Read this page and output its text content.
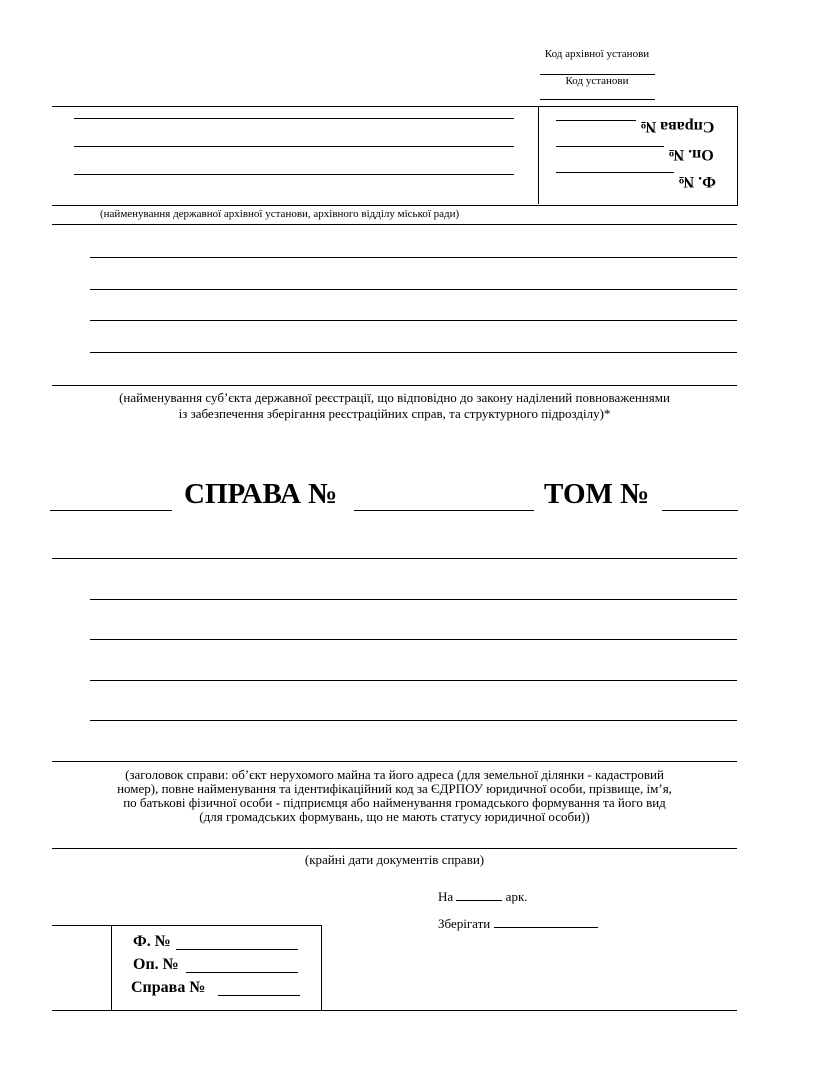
Код архівної установи
Код установи
Ф. №
Оп. №
Справа №
(найменування державної архівної установи, архівного відділу міської ради)
(найменування суб’єкта державної реєстрації, що відповідно до закону наділений повноваженнями
із забезпечення зберігання реєстраційних справ, та структурного підрозділу)*
СПРАВА №	ТОМ №
(заголовок справи: об’єкт нерухомого майна та його адреса (для земельної ділянки - кадастровий
номер), повне найменування та ідентифікаційний код за ЄДРПОУ юридичної особи, прізвище, ім’я,
по батькові фізичної особи - підприємця або найменування громадського формування та його вид
(для громадських формувань, що не мають статусу юридичної особи))
(крайні дати документів справи)
На	арк.
Зберігати
Ф. №
Оп. №
Справа №
